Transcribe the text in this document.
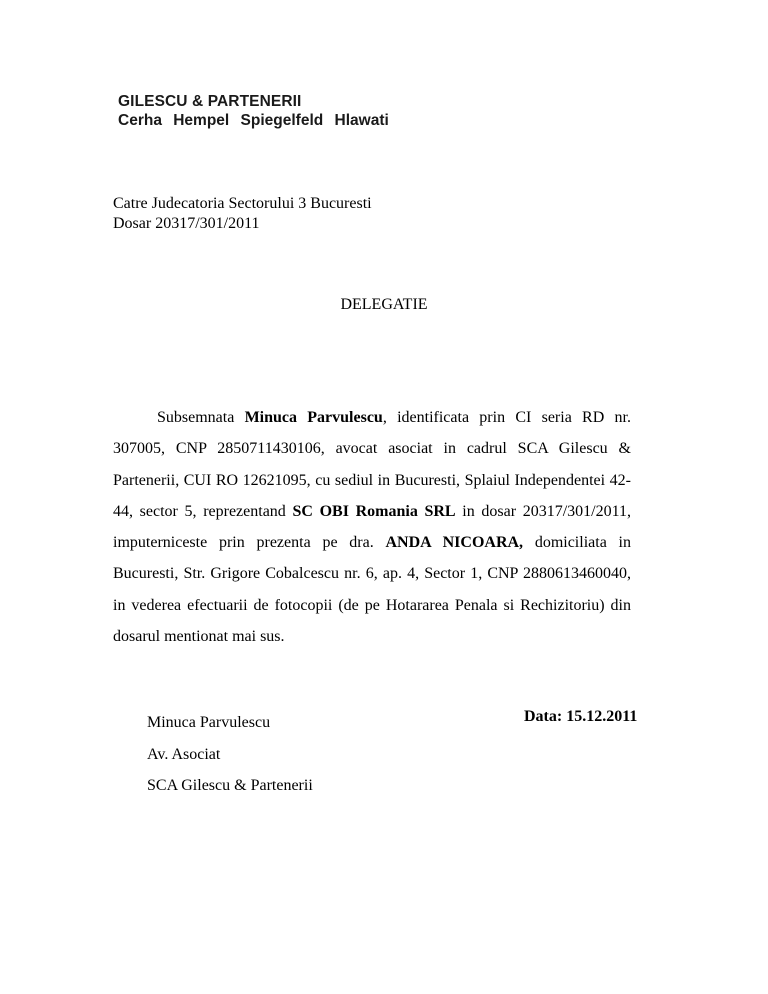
GILESCU & PARTENERII
Cerha Hempel Spiegelfeld Hlawati
Catre Judecatoria Sectorului 3 Bucuresti
Dosar 20317/301/2011
DELEGATIE
Subsemnata Minuca Parvulescu, identificata prin CI seria RD nr. 307005, CNP 2850711430106, avocat asociat in cadrul SCA Gilescu & Partenerii, CUI RO 12621095, cu sediul in Bucuresti, Splaiul Independentei 42-44, sector 5, reprezentand SC OBI Romania SRL in dosar 20317/301/2011, imputerniceste prin prezenta pe dra. ANDA NICOARA, domiciliata in Bucuresti, Str. Grigore Cobalcescu nr. 6, ap. 4, Sector 1, CNP 2880613460040, in vederea efectuarii de fotocopii (de pe Hotararea Penala si Rechizitoriu) din dosarul mentionat mai sus.
Minuca Parvulescu
Av. Asociat
SCA Gilescu & Partenerii
Data: 15.12.2011
